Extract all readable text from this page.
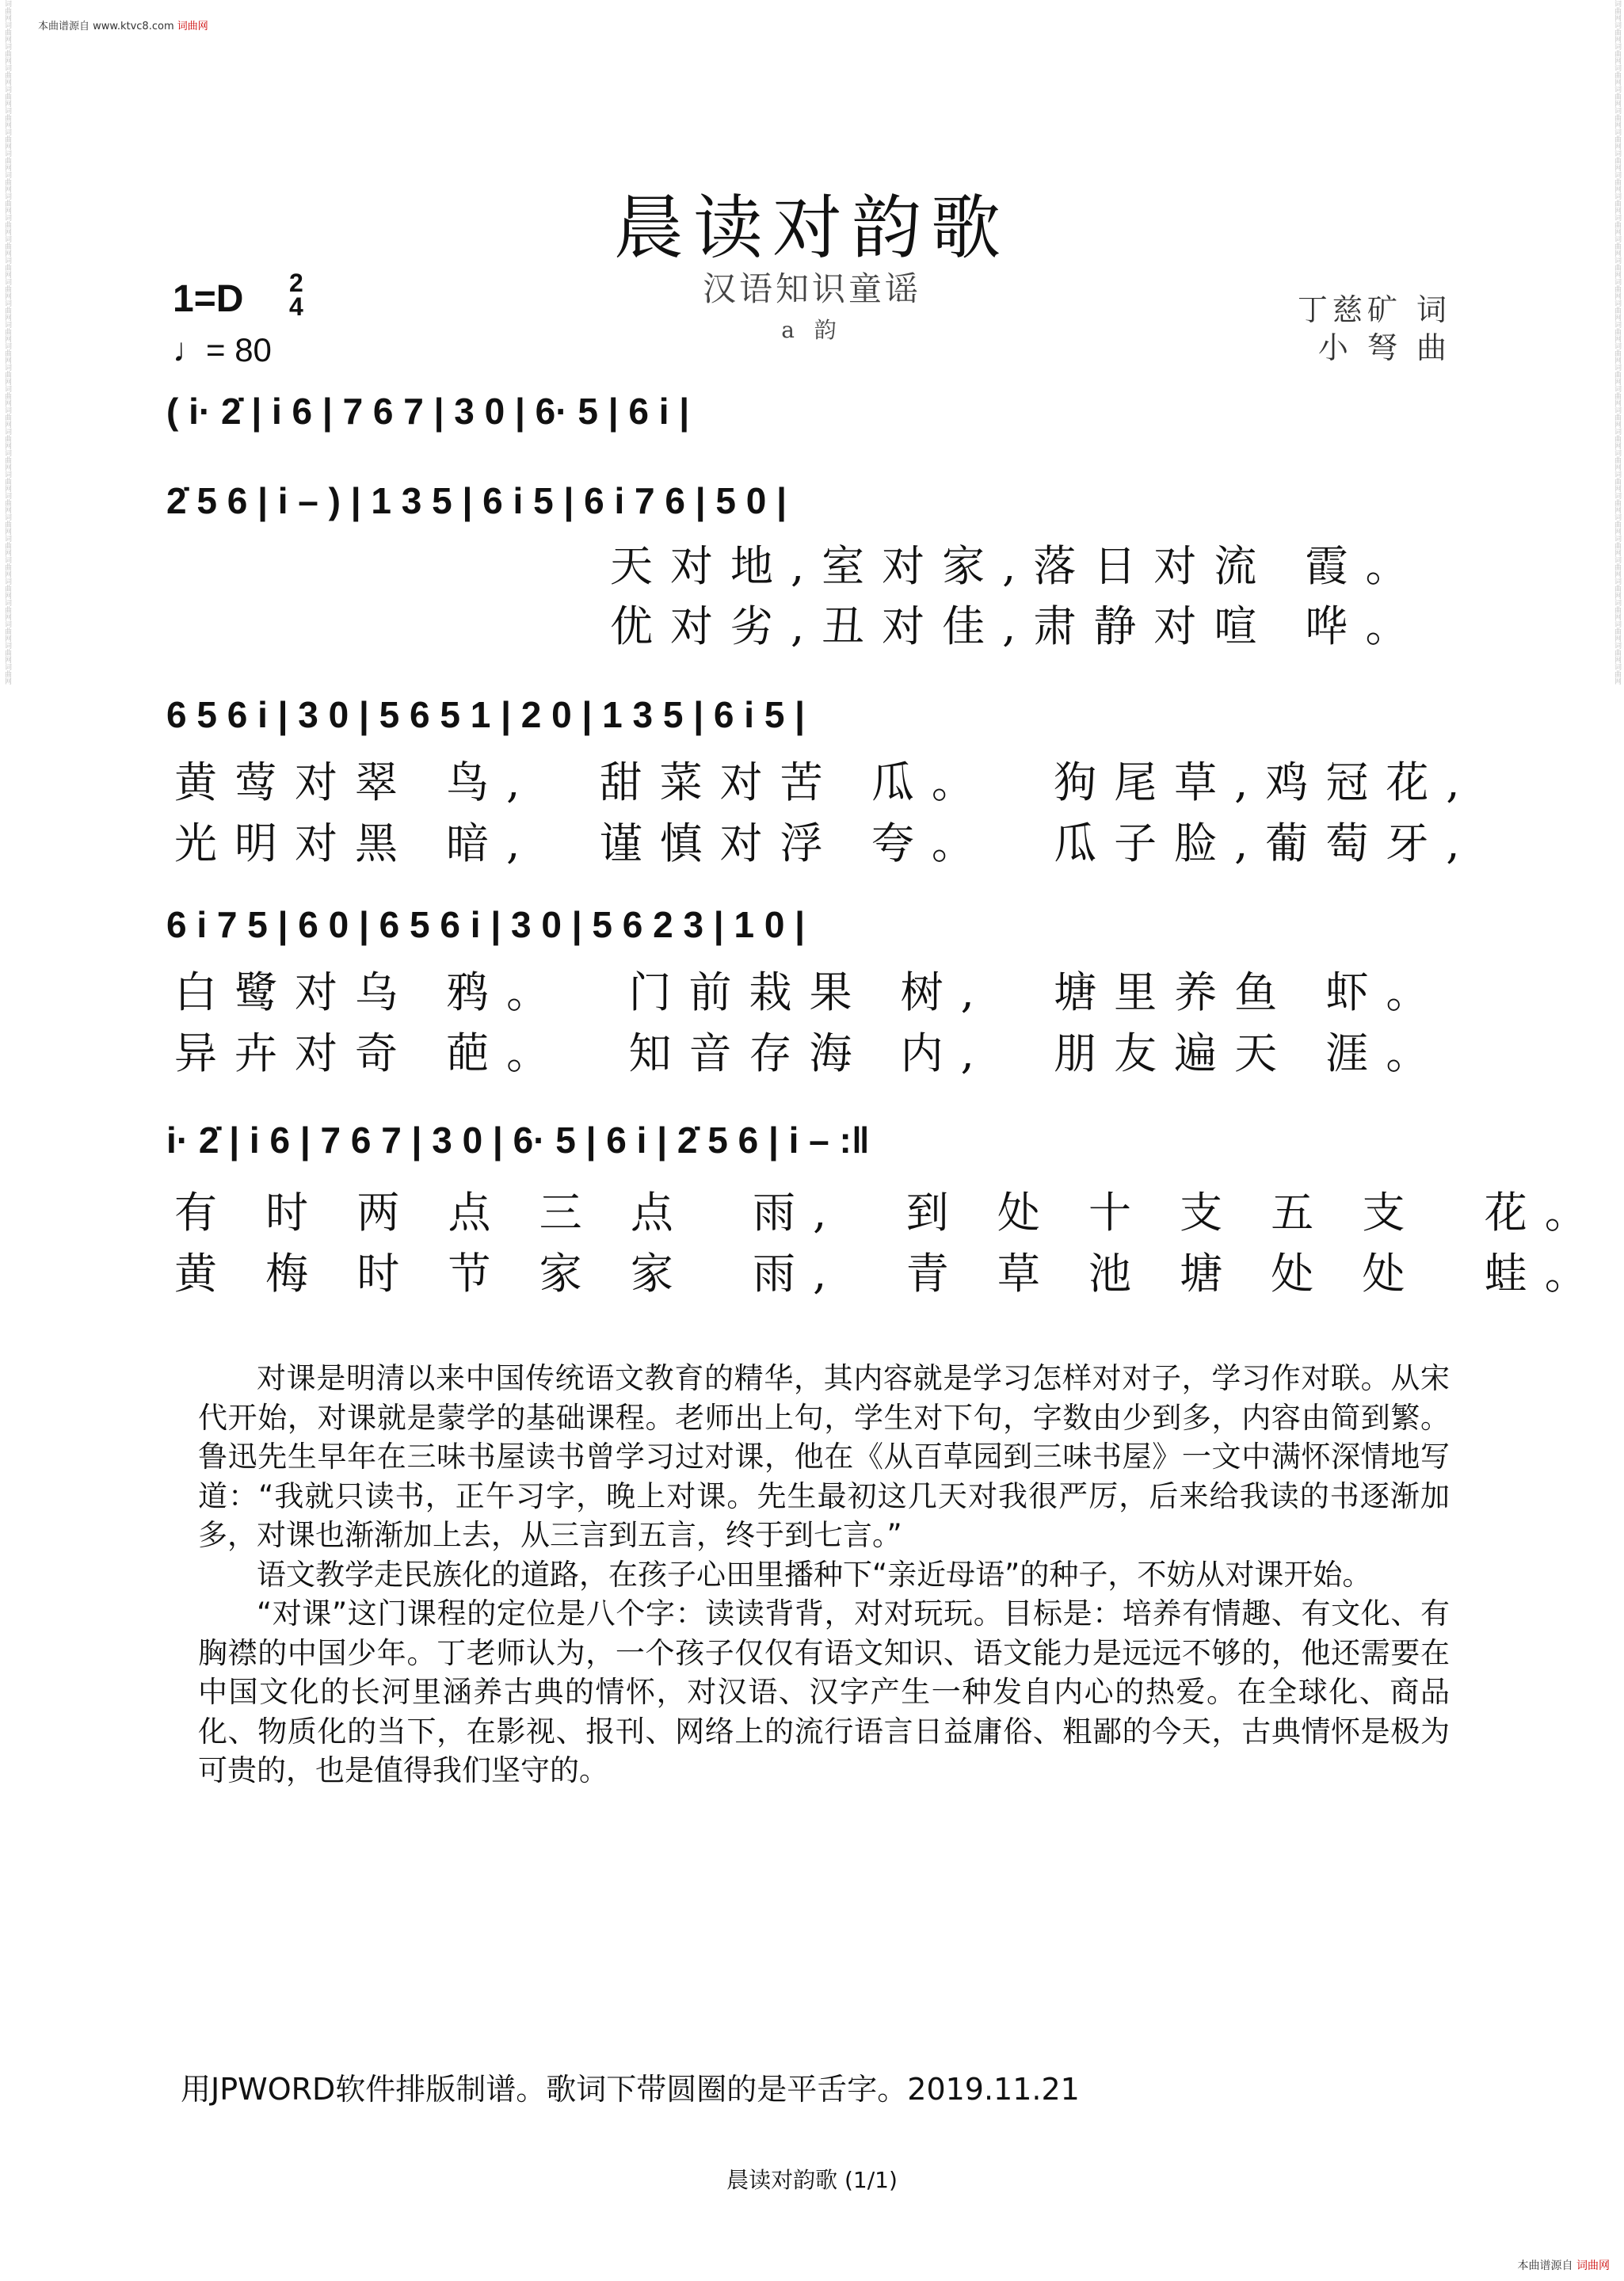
本曲谱源自 www.ktvc8.com 词曲网
词曲网词曲网词曲网词曲网词曲网词曲网词曲网词曲网词曲网词曲网词曲网词曲网词曲网词曲网词曲网词曲网词曲网词曲网词曲网词曲网词曲网词曲网词曲网词曲网词曲网词曲网词曲网词曲网词曲网词曲网词曲网词曲网	词曲网词曲网词曲网词曲网词曲网词曲网词曲网词曲网词曲网词曲网词曲网词曲网词曲网词曲网词曲网词曲网词曲网词曲网词曲网词曲网词曲网词曲网词曲网词曲网词曲网词曲网词曲网词曲网词曲网词曲网词曲网词曲网
晨读对韵歌
汉语知识童谣
a 韵
1=D 2
4
♩= 80
丁慈矿 词
小 弩 曲
( i· 2̇ | i 6 | 7 6 7 | 3 0 | 6· 5 | 6 i |
2̇ 5 6 | i – ) | 1 3 5 | 6 i 5 | 6 i 7 6 | 5 0 |
天对地,室对家,落日对流 霞。
优对劣,丑对佳,肃静对喧 哗。
6 5 6 i | 3 0 | 5 6 5 1 | 2 0 | 1 3 5 | 6 i 5 |
黄莺对翠 鸟,  甜菜对苦 瓜。  狗尾草,鸡冠花,
光明对黑 暗,  谨慎对浮 夸。  瓜子脸,葡萄牙,
6 i 7 5 | 6 0 | 6 5 6 i | 3 0 | 5 6 2 3 | 1 0 |
白鹭对乌 鸦。  门前栽果 树,  塘里养鱼 虾。
异卉对奇 葩。  知音存海 内,  朋友遍天 涯。
i· 2̇ | i 6 | 7 6 7 | 3 0 | 6· 5 | 6 i | 2̇ 5 6 | i – :‖
有 时 两 点 三 点  雨,  到 处 十 支 五 支  花。
黄 梅 时 节 家 家  雨,  青 草 池 塘 处 处  蛙。

对课是明清以来中国传统语文教育的精华，其内容就是学习怎样对对子，学习作对联。从宋代开始，对课就是蒙学的基础课程。老师出上句，学生对下句，字数由少到多，内容由简到繁。鲁迅先生早年在三味书屋读书曾学习过对课，他在《从百草园到三味书屋》一文中满怀深情地写道：“我就只读书，正午习字，晚上对课。先生最初这几天对我很严厉，后来给我读的书逐渐加多，对课也渐渐加上去，从三言到五言，终于到七言。”

语文教学走民族化的道路，在孩子心田里播种下“亲近母语”的种子，不妨从对课开始。

“对课”这门课程的定位是八个字：读读背背，对对玩玩。目标是：培养有情趣、有文化、有胸襟的中国少年。丁老师认为，一个孩子仅仅有语文知识、语文能力是远远不够的，他还需要在中国文化的长河里涵养古典的情怀，对汉语、汉字产生一种发自内心的热爱。在全球化、商品化、物质化的当下，在影视、报刊、网络上的流行语言日益庸俗、粗鄙的今天，古典情怀是极为可贵的，也是值得我们坚守的。

用JPWORD软件排版制谱。歌词下带圆圈的是平舌字。2019.11.21
晨读对韵歌 (1/1)
本曲谱源自 词曲网
